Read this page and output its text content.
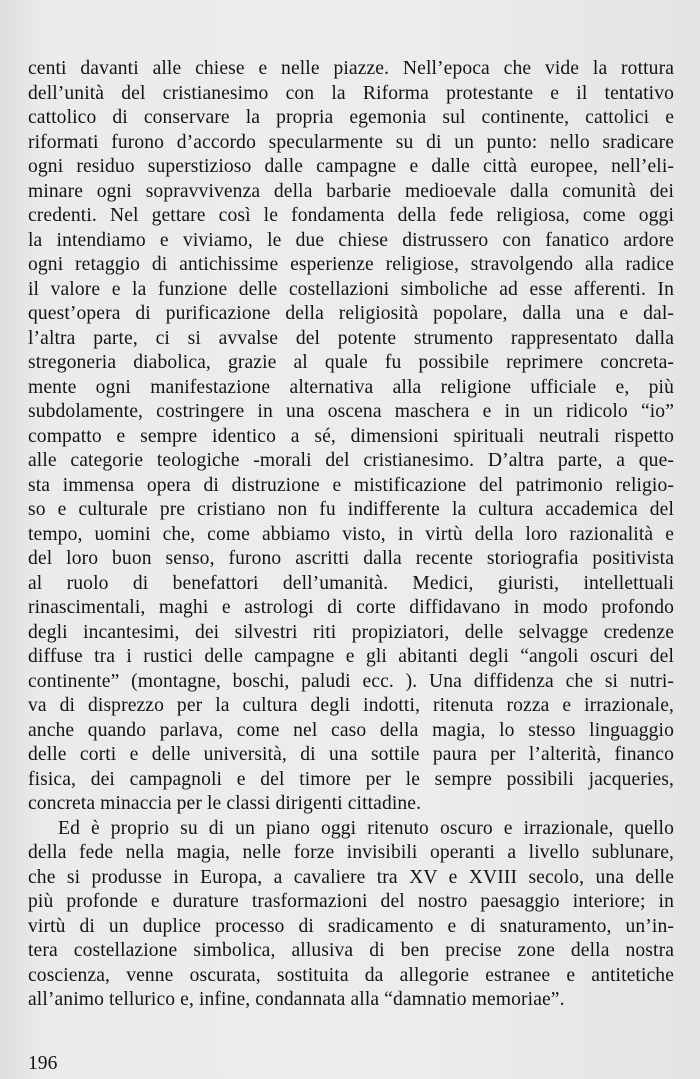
centi davanti alle chiese e nelle piazze. Nell’epoca che vide la rottura
dell’unità del cristianesimo con la Riforma protestante e il tentativo
cattolico di conservare la propria egemonia sul continente, cattolici e
riformati furono d’accordo specularmente su di un punto: nello sradicare
ogni residuo superstizioso dalle campagne e dalle città europee, nell’eli-
minare ogni sopravvivenza della barbarie medioevale dalla comunità dei
credenti. Nel gettare così le fondamenta della fede religiosa, come oggi
la intendiamo e viviamo, le due chiese distrussero con fanatico ardore
ogni retaggio di antichissime esperienze religiose, stravolgendo alla radice
il valore e la funzione delle costellazioni simboliche ad esse afferenti. In
quest’opera di purificazione della religiosità popolare, dalla una e dal-
l’altra parte, ci si avvalse del potente strumento rappresentato dalla
stregoneria diabolica, grazie al quale fu possibile reprimere concreta-
mente ogni manifestazione alternativa alla religione ufficiale e, più
subdolamente, costringere in una oscena maschera e in un ridicolo “io”
compatto e sempre identico a sé, dimensioni spirituali neutrali rispetto
alle categorie teologiche -morali del cristianesimo. D’altra parte, a que-
sta immensa opera di distruzione e mistificazione del patrimonio religio-
so e culturale pre cristiano non fu indifferente la cultura accademica del
tempo, uomini che, come abbiamo visto, in virtù della loro razionalità e
del loro buon senso, furono ascritti dalla recente storiografia positivista
al ruolo di benefattori dell’umanità. Medici, giuristi, intellettuali
rinascimentali, maghi e astrologi di corte diffidavano in modo profondo
degli incantesimi, dei silvestri riti propiziatori, delle selvagge credenze
diffuse tra i rustici delle campagne e gli abitanti degli “angoli oscuri del
continente” (montagne, boschi, paludi ecc. ). Una diffidenza che si nutri-
va di disprezzo per la cultura degli indotti, ritenuta rozza e irrazionale,
anche quando parlava, come nel caso della magia, lo stesso linguaggio
delle corti e delle università, di una sottile paura per l’alterità, financo
fisica, dei campagnoli e del timore per le sempre possibili jacqueries,
concreta minaccia per le classi dirigenti cittadine.
Ed è proprio su di un piano oggi ritenuto oscuro e irrazionale, quello
della fede nella magia, nelle forze invisibili operanti a livello sublunare,
che si produsse in Europa, a cavaliere tra XV e XVIII secolo, una delle
più profonde e durature trasformazioni del nostro paesaggio interiore; in
virtù di un duplice processo di sradicamento e di snaturamento, un’in-
tera costellazione simbolica, allusiva di ben precise zone della nostra
coscienza, venne oscurata, sostituita da allegorie estranee e antitetiche
all’animo tellurico e, infine, condannata alla “damnatio memoriae”.
196
